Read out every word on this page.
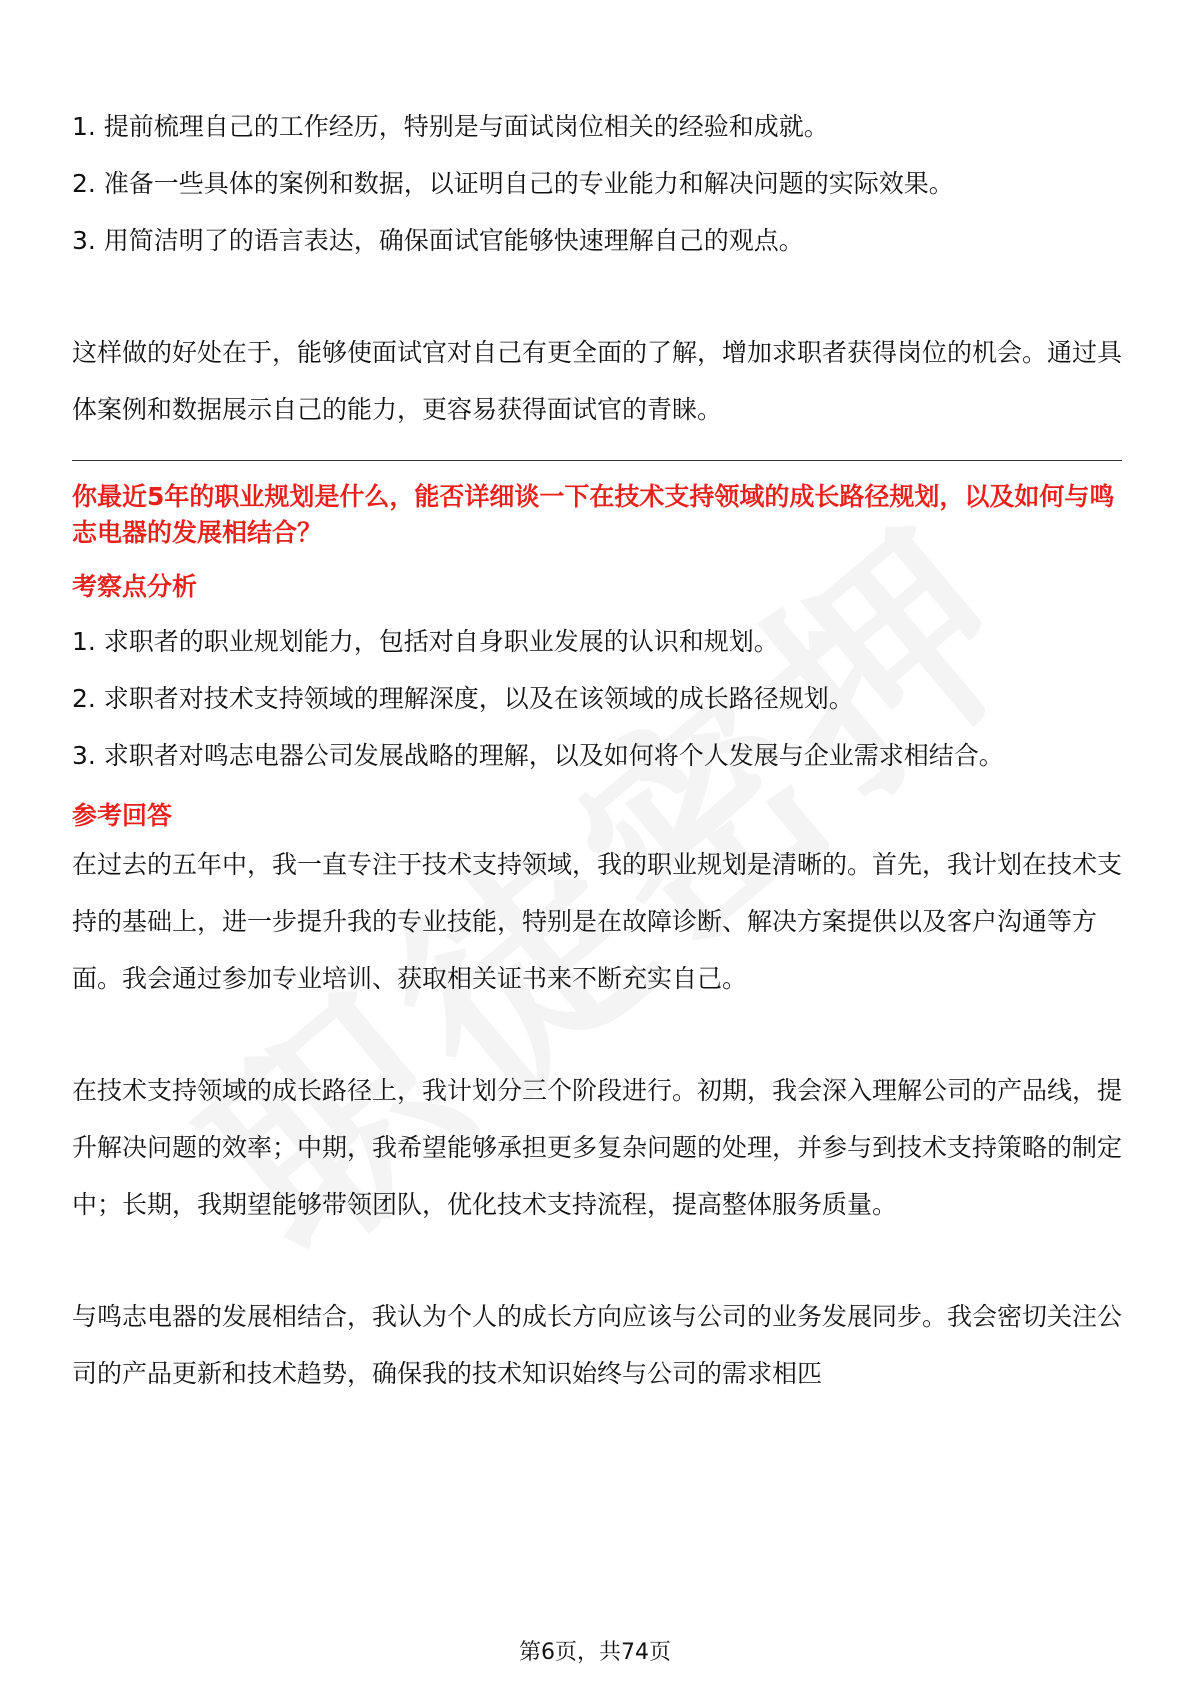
1. 提前梳理自己的工作经历，特别是与面试岗位相关的经验和成就。

2. 准备一些具体的案例和数据，以证明自己的专业能力和解决问题的实际效果。

3. 用简洁明了的语言表达，确保面试官能够快速理解自己的观点。

这样做的好处在于，能够使面试官对自己有更全面的了解，增加求职者获得岗位的机会。通过具体案例和数据展示自己的能力，更容易获得面试官的青睐。

你最近5年的职业规划是什么，能否详细谈一下在技术支持领域的成长路径规划，以及如何与鸣志电器的发展相结合？

考察点分析

1. 求职者的职业规划能力，包括对自身职业发展的认识和规划。

2. 求职者对技术支持领域的理解深度，以及在该领域的成长路径规划。

3. 求职者对鸣志电器公司发展战略的理解，以及如何将个人发展与企业需求相结合。

参考回答

在过去的五年中，我一直专注于技术支持领域，我的职业规划是清晰的。首先，我计划在技术支持的基础上，进一步提升我的专业技能，特别是在故障诊断、解决方案提供以及客户沟通等方面。我会通过参加专业培训、获取相关证书来不断充实自己。

在技术支持领域的成长路径上，我计划分三个阶段进行。初期，我会深入理解公司的产品线，提升解决问题的效率；中期，我希望能够承担更多复杂问题的处理，并参与到技术支持策略的制定中；长期，我期望能够带领团队，优化技术支持流程，提高整体服务质量。

与鸣志电器的发展相结合，我认为个人的成长方向应该与公司的业务发展同步。我会密切关注公司的产品更新和技术趋势，确保我的技术知识始终与公司的需求相匹

第6页，共74页
